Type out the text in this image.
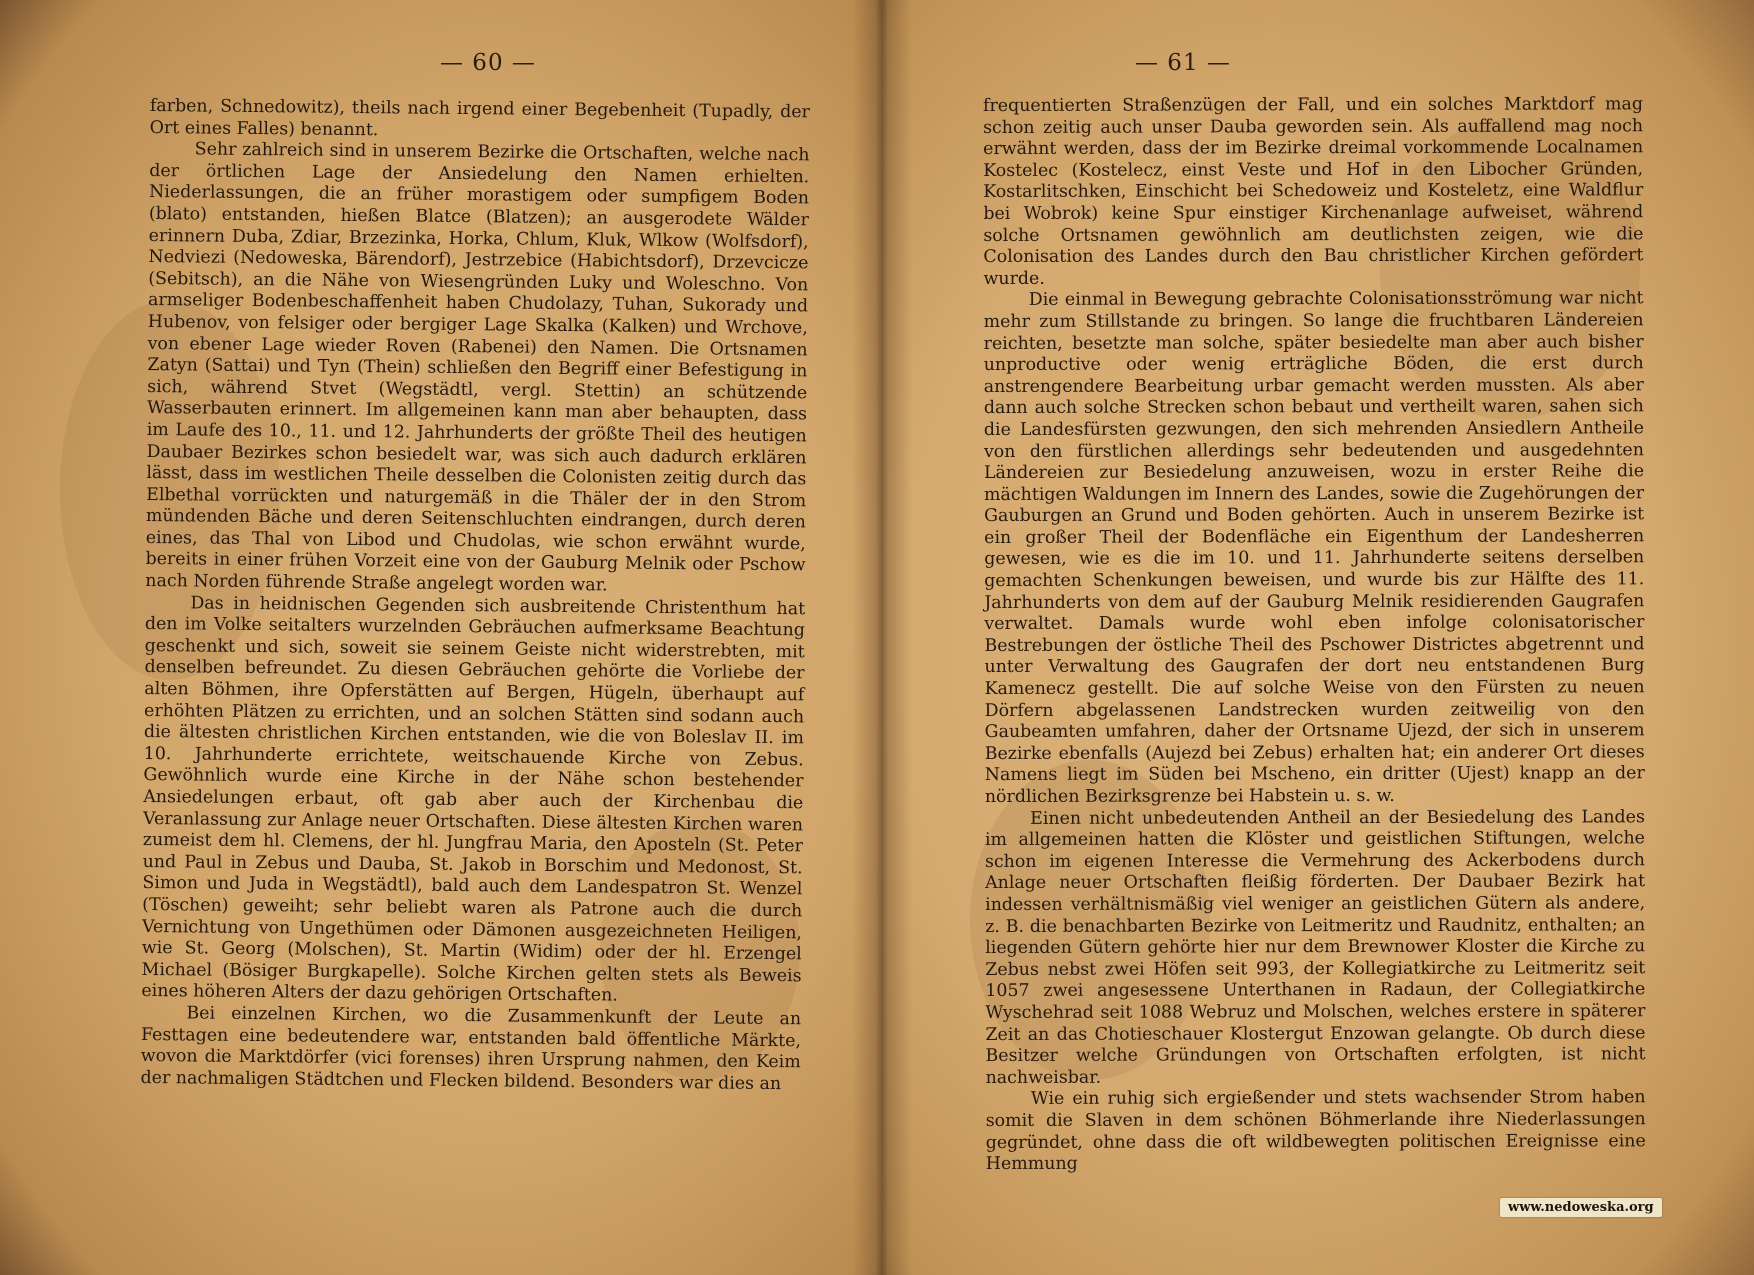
— 60 —

farben, Schnedowitz), theils nach irgend einer Begebenheit (Tupadly, der Ort eines Falles) benannt.

Sehr zahlreich sind in unserem Bezirke die Ortschaften, welche nach der örtlichen Lage der Ansiedelung den Namen erhielten. Niederlassungen, die an früher morastigem oder sumpfigem Boden (blato) entstanden, hießen Blatce (Blatzen); an ausgerodete Wälder erinnern Duba, Zdiar, Brzezinka, Horka, Chlum, Kluk, Wlkow (Wolfsdorf), Nedviezi (Nedoweska, Bärendorf), Jestrzebice (Habichtsdorf), Drzevcicze (Sebitsch), an die Nähe von Wiesengründen Luky und Woleschno. Von armseliger Bodenbeschaffenheit haben Chudolazy, Tuhan, Sukorady und Hubenov, von felsiger oder bergiger Lage Skalka (Kalken) und Wrchove, von ebener Lage wieder Roven (Rabenei) den Namen. Die Ortsnamen Zatyn (Sattai) und Tyn (Thein) schließen den Begriff einer Befestigung in sich, während Stvet (Wegstädtl, vergl. Stettin) an schützende Wasserbauten erinnert. Im allgemeinen kann man aber behaupten, dass im Laufe des 10., 11. und 12. Jahrhunderts der größte Theil des heutigen Daubaer Bezirkes schon besiedelt war, was sich auch dadurch erklären lässt, dass im westlichen Theile desselben die Colonisten zeitig durch das Elbethal vorrückten und naturgemäß in die Thäler der in den Strom mündenden Bäche und deren Seitenschluchten eindrangen, durch deren eines, das Thal von Libod und Chudolas, wie schon erwähnt wurde, bereits in einer frühen Vorzeit eine von der Gauburg Melnik oder Pschow nach Norden führende Straße angelegt worden war.

Das in heidnischen Gegenden sich ausbreitende Christenthum hat den im Volke seitalters wurzelnden Gebräuchen aufmerksame Beachtung geschenkt und sich, soweit sie seinem Geiste nicht widerstrebten, mit denselben befreundet. Zu diesen Gebräuchen gehörte die Vorliebe der alten Böhmen, ihre Opferstätten auf Bergen, Hügeln, überhaupt auf erhöhten Plätzen zu errichten, und an solchen Stätten sind sodann auch die ältesten christlichen Kirchen entstanden, wie die von Boleslav II. im 10. Jahrhunderte errichtete, weitschauende Kirche von Zebus. Gewöhnlich wurde eine Kirche in der Nähe schon bestehender Ansiedelungen erbaut, oft gab aber auch der Kirchenbau die Veranlassung zur Anlage neuer Ortschaften. Diese ältesten Kirchen waren zumeist dem hl. Clemens, der hl. Jungfrau Maria, den Aposteln (St. Peter und Paul in Zebus und Dauba, St. Jakob in Borschim und Medonost, St. Simon und Juda in Wegstädtl), bald auch dem Landespatron St. Wenzel (Töschen) geweiht; sehr beliebt waren als Patrone auch die durch Vernichtung von Ungethümen oder Dämonen ausgezeichneten Heiligen, wie St. Georg (Molschen), St. Martin (Widim) oder der hl. Erzengel Michael (Bösiger Burgkapelle). Solche Kirchen gelten stets als Beweis eines höheren Alters der dazu gehörigen Ortschaften.

Bei einzelnen Kirchen, wo die Zusammenkunft der Leute an Festtagen eine bedeutendere war, entstanden bald öffentliche Märkte, wovon die Marktdörfer (vici forenses) ihren Ursprung nahmen, den Keim der nachmaligen Städtchen und Flecken bildend. Besonders war dies an

— 61 —

frequentierten Straßenzügen der Fall, und ein solches Marktdorf mag schon zeitig auch unser Dauba geworden sein. Als auffallend mag noch erwähnt werden, dass der im Bezirke dreimal vorkommende Localnamen Kostelec (Kostelecz, einst Veste und Hof in den Libocher Gründen, Kostarlitschken, Einschicht bei Schedoweiz und Kosteletz, eine Waldflur bei Wobrok) keine Spur einstiger Kirchenanlage aufweiset, während solche Ortsnamen gewöhnlich am deutlichsten zeigen, wie die Colonisation des Landes durch den Bau christlicher Kirchen gefördert wurde.

Die einmal in Bewegung gebrachte Colonisationsströmung war nicht mehr zum Stillstande zu bringen. So lange die fruchtbaren Ländereien reichten, besetzte man solche, später besiedelte man aber auch bisher unproductive oder wenig erträgliche Böden, die erst durch anstrengendere Bearbeitung urbar gemacht werden mussten. Als aber dann auch solche Strecken schon bebaut und vertheilt waren, sahen sich die Landesfürsten gezwungen, den sich mehrenden Ansiedlern Antheile von den fürstlichen allerdings sehr bedeutenden und ausgedehnten Ländereien zur Besiedelung anzuweisen, wozu in erster Reihe die mächtigen Waldungen im Innern des Landes, sowie die Zugehörungen der Gauburgen an Grund und Boden gehörten. Auch in unserem Bezirke ist ein großer Theil der Bodenfläche ein Eigenthum der Landesherren gewesen, wie es die im 10. und 11. Jahrhunderte seitens derselben gemachten Schenkungen beweisen, und wurde bis zur Hälfte des 11. Jahrhunderts von dem auf der Gauburg Melnik residierenden Gaugrafen verwaltet. Damals wurde wohl eben infolge colonisatorischer Bestrebungen der östliche Theil des Pschower Districtes abgetrennt und unter Verwaltung des Gaugrafen der dort neu entstandenen Burg Kamenecz gestellt. Die auf solche Weise von den Fürsten zu neuen Dörfern abgelassenen Landstrecken wurden zeitweilig von den Gaubeamten umfahren, daher der Ortsname Ujezd, der sich in unserem Bezirke ebenfalls (Aujezd bei Zebus) erhalten hat; ein anderer Ort dieses Namens liegt im Süden bei Mscheno, ein dritter (Ujest) knapp an der nördlichen Bezirksgrenze bei Habstein u. s. w.

Einen nicht unbedeutenden Antheil an der Besiedelung des Landes im allgemeinen hatten die Klöster und geistlichen Stiftungen, welche schon im eigenen Interesse die Vermehrung des Ackerbodens durch Anlage neuer Ortschaften fleißig förderten. Der Daubaer Bezirk hat indessen verhältnismäßig viel weniger an geistlichen Gütern als andere, z. B. die benachbarten Bezirke von Leitmeritz und Raudnitz, enthalten; an liegenden Gütern gehörte hier nur dem Brewnower Kloster die Kirche zu Zebus nebst zwei Höfen seit 993, der Kollegiatkirche zu Leitmeritz seit 1057 zwei angesessene Unterthanen in Radaun, der Collegiatkirche Wyschehrad seit 1088 Webruz und Molschen, welches erstere in späterer Zeit an das Chotieschauer Klostergut Enzowan gelangte. Ob durch diese Besitzer welche Gründungen von Ortschaften erfolgten, ist nicht nachweisbar.

Wie ein ruhig sich ergießender und stets wachsender Strom haben somit die Slaven in dem schönen Böhmerlande ihre Niederlassungen gegründet, ohne dass die oft wildbewegten politischen Ereignisse eine Hemmung

www.nedoweska.org
